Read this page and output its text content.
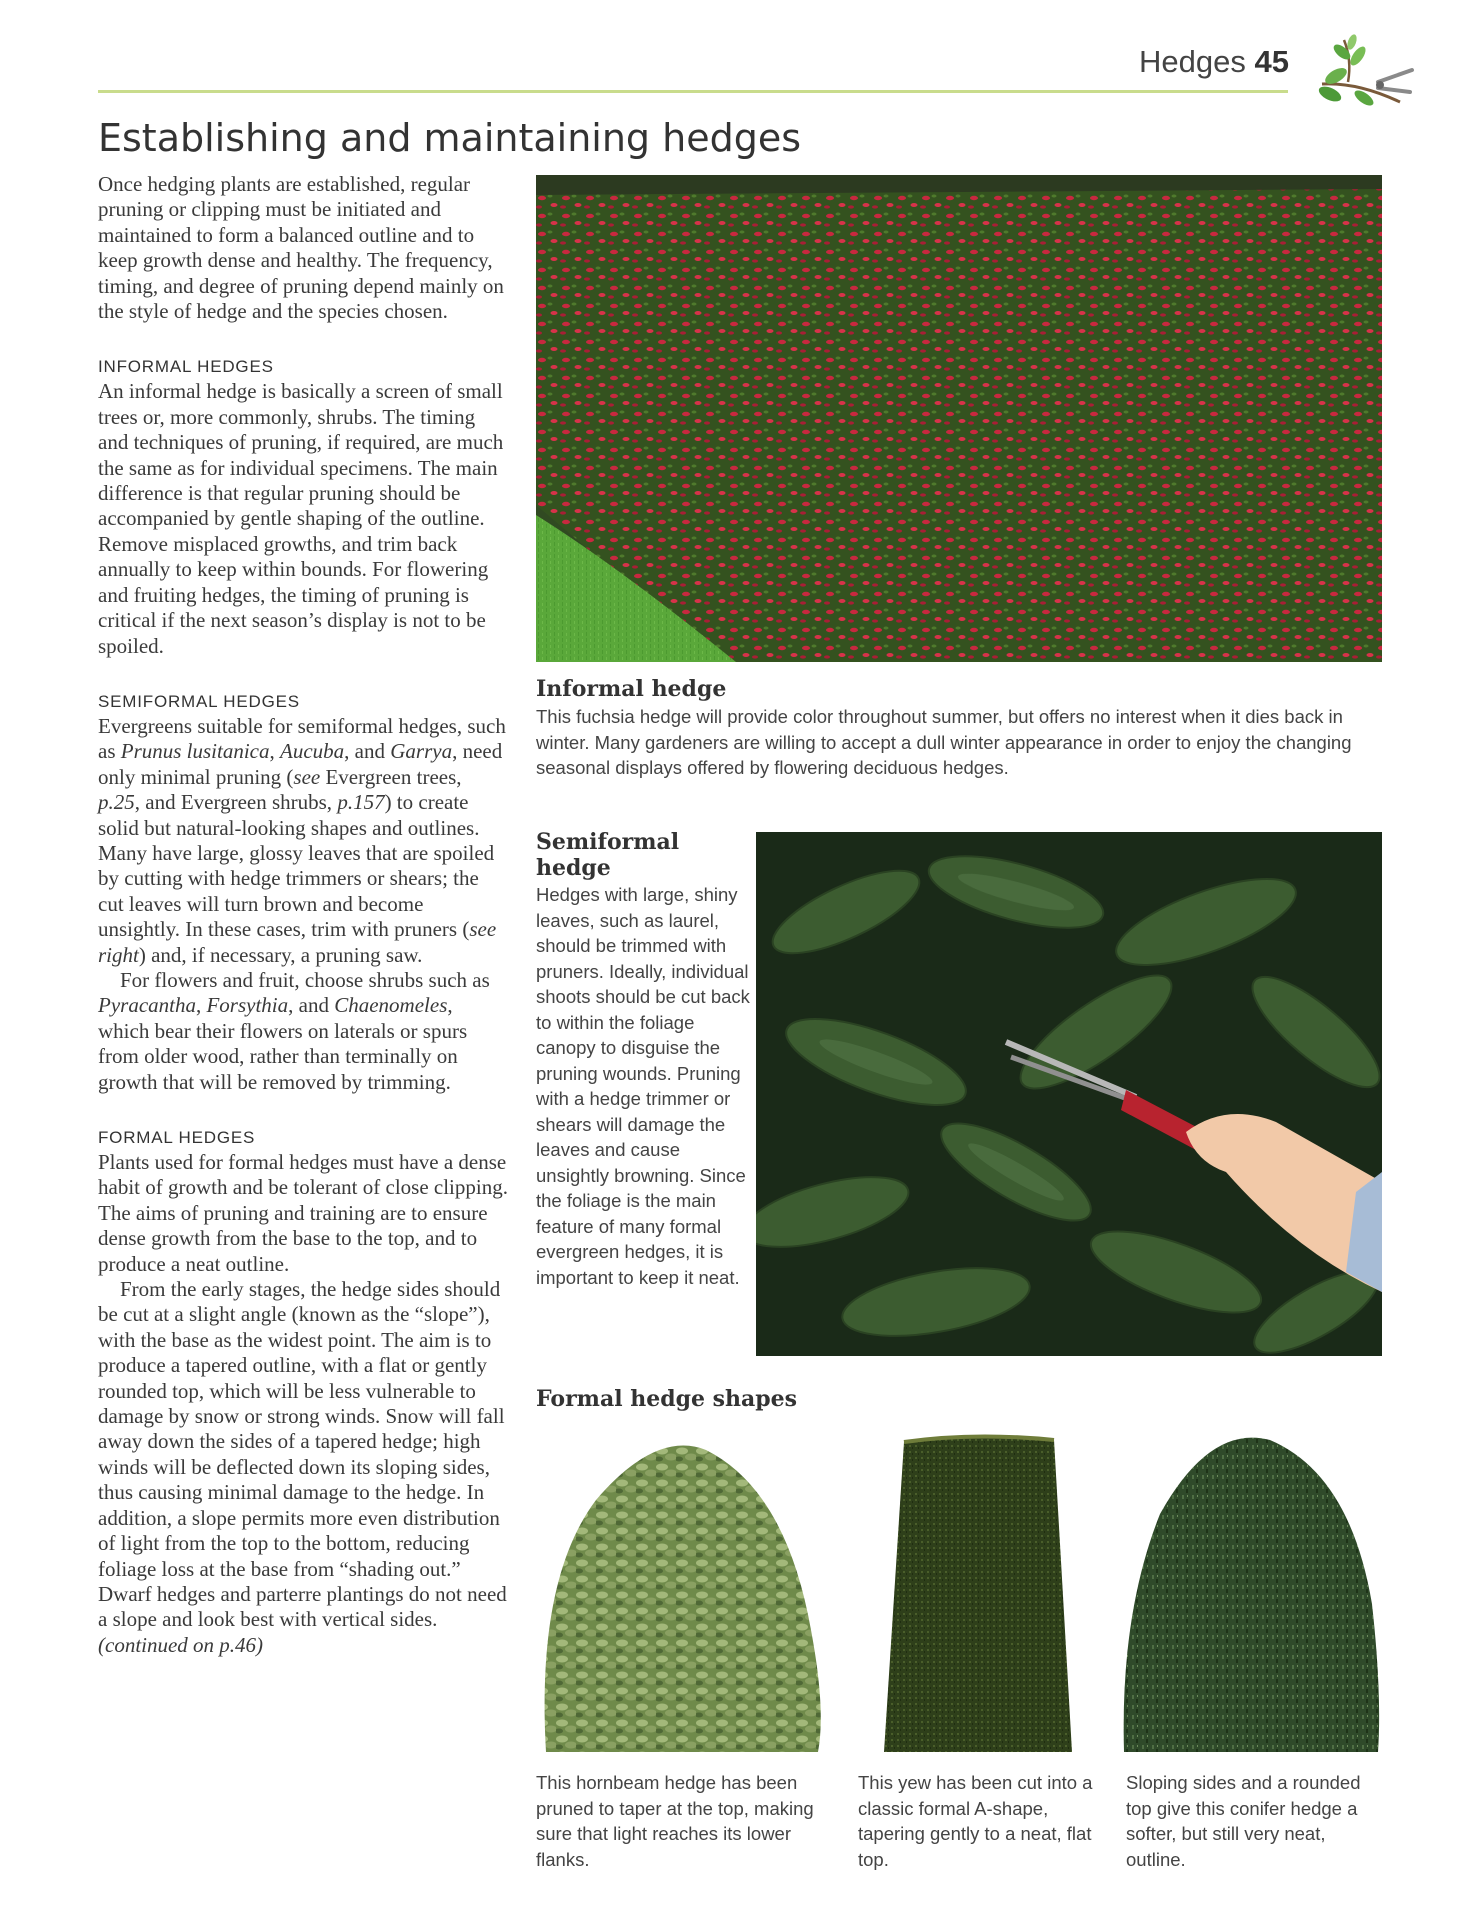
Hedges 45
Establishing and maintaining hedges

Once hedging plants are established, regular pruning or clipping must be initiated and maintained to form a balanced outline and to keep growth dense and healthy. The frequency, timing, and degree of pruning depend mainly on the style of hedge and the species chosen.

INFORMAL HEDGES

An informal hedge is basically a screen of small trees or, more commonly, shrubs. The timing and techniques of pruning, if required, are much the same as for individual specimens. The main difference is that regular pruning should be accompanied by gentle shaping of the outline. Remove misplaced growths, and trim back annually to keep within bounds. For flowering and fruiting hedges, the timing of pruning is critical if the next season’s display is not to be spoiled.

SEMIFORMAL HEDGES

Evergreens suitable for semiformal hedges, such as Prunus lusitanica, Aucuba, and Garrya, need only minimal pruning (see Evergreen trees, p.25, and Evergreen shrubs, p.157) to create solid but natural-looking shapes and outlines. Many have large, glossy leaves that are spoiled by cutting with hedge trimmers or shears; the cut leaves will turn brown and become unsightly. In these cases, trim with pruners (see right) and, if necessary, a pruning saw.

For flowers and fruit, choose shrubs such as Pyracantha, Forsythia, and Chaenomeles, which bear their flowers on laterals or spurs from older wood, rather than terminally on growth that will be removed by trimming.

FORMAL HEDGES

Plants used for formal hedges must have a dense habit of growth and be tolerant of close clipping. The aims of pruning and training are to ensure dense growth from the base to the top, and to produce a neat outline.

From the early stages, the hedge sides should be cut at a slight angle (known as the “slope”), with the base as the widest point. The aim is to produce a tapered outline, with a flat or gently rounded top, which will be less vulnerable to damage by snow or strong winds. Snow will fall away down the sides of a tapered hedge; high winds will be deflected down its sloping sides, thus causing minimal damage to the hedge. In addition, a slope permits more even distribution of light from the top to the bottom, reducing foliage loss at the base from “shading out.” Dwarf hedges and parterre plantings do not need a slope and look best with vertical sides.

(continued on p.46)

Informal hedge

This fuchsia hedge will provide color throughout summer, but offers no interest when it dies back in winter. Many gardeners are willing to accept a dull winter appearance in order to enjoy the changing seasonal displays offered by flowering deciduous hedges.

Semiformal hedge

Hedges with large, shiny leaves, such as laurel, should be trimmed with pruners. Ideally, individual shoots should be cut back to within the foliage canopy to disguise the pruning wounds. Pruning with a hedge trimmer or shears will damage the leaves and cause unsightly browning. Since the foliage is the main feature of many formal evergreen hedges, it is important to keep it neat.

Formal hedge shapes

This hornbeam hedge has been pruned to taper at the top, making sure that light reaches its lower flanks.

This yew has been cut into a classic formal A-shape, tapering gently to a neat, flat top.

Sloping sides and a rounded top give this conifer hedge a softer, but still very neat, outline.
